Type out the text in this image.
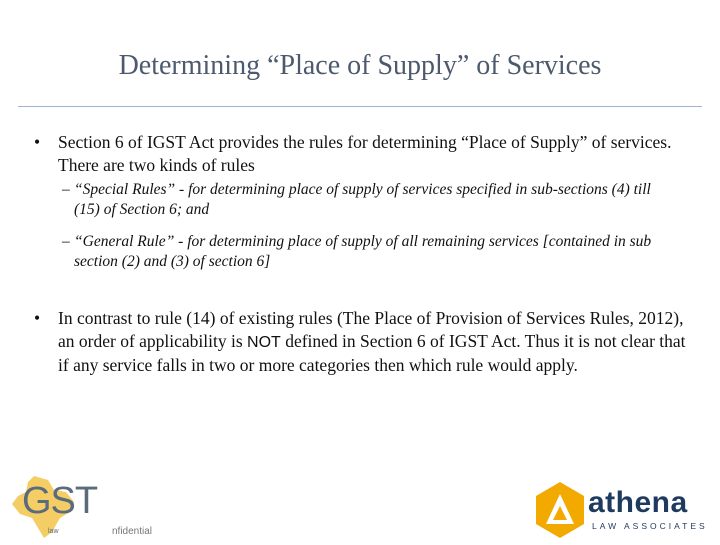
Determining “Place of Supply” of Services
• Section 6 of IGST Act provides the rules for determining “Place of Supply” of services. There are two kinds of rules
– “Special Rules” - for determining place of supply of services specified in sub-sections (4) till (15) of Section 6; and
– “General Rule” - for determining place of supply of all remaining services [contained in sub section (2) and (3) of section 6]
• In contrast to rule (14) of existing rules (The Place of Provision of Services Rules, 2012), an order of applicability is NOT defined in Section 6 of IGST Act. Thus it is not clear that if any service falls in two or more categories then which rule would apply.
GST
law	nfidential
athena
LAW ASSOCIATES
